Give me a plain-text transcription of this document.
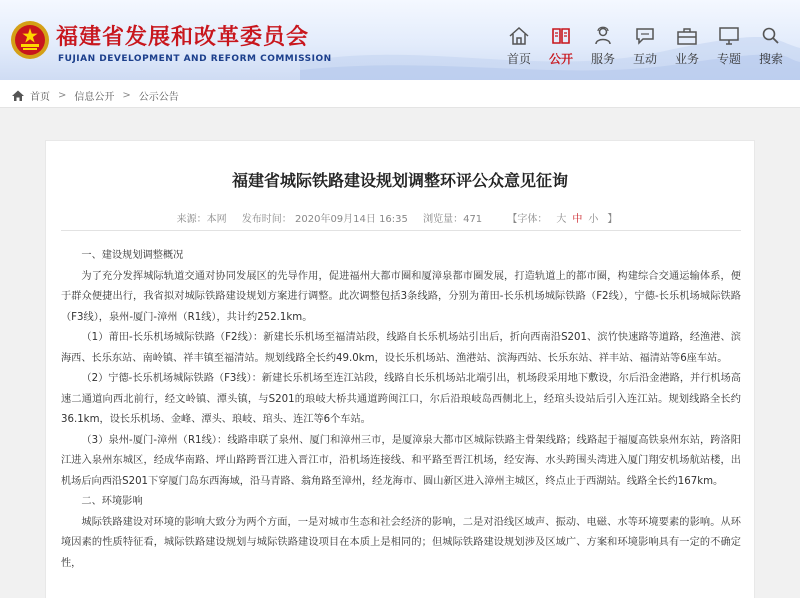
福建省发展和改革委员会
FUJIAN DEVELOPMENT AND REFORM COMMISSION	首页	公开	服务	互动	业务	专题	搜索
首页 > 信息公开 > 公示公告
福建省城际铁路建设规划调整环评公众意见征询
来源：本网 发布时间： 2020年09月14日 16:35 浏览量：471	【字体： 大 中 小 】

一、建设规划调整概况

为了充分发挥城际轨道交通对协同发展区的先导作用，促进福州大都市圈和厦漳泉都市圈发展，打造轨道上的都市圈，构建综合交通运输体系，便于群众便捷出行，我省拟对城际铁路建设规划方案进行调整。此次调整包括3条线路，分别为莆田-长乐机场城际铁路（F2线），宁德-长乐机场城际铁路（F3线），泉州-厦门-漳州（R1线），共计约252.1km。

（1）莆田-长乐机场城际铁路（F2线）：新建长乐机场至福清站段，线路自长乐机场站引出后，折向西南沿S201、滨竹快速路等道路，经渔港、滨海西、长乐东站、南岭镇、祥丰镇至福清站。规划线路全长约49.0km，设长乐机场站、渔港站、滨海西站、长乐东站、祥丰站、福清站等6座车站。

（2）宁德-长乐机场城际铁路（F3线）：新建长乐机场至连江站段，线路自长乐机场站北端引出，机场段采用地下敷设，尔后沿金港路，并行机场高速二通道向西北前行，经文岭镇、潭头镇，与S201的琅岐大桥共通道跨闽江口，尔后沿琅岐岛西侧北上，经琯头设站后引入连江站。规划线路全长约36.1km，设长乐机场、金峰、潭头、琅岐、琯头、连江等6个车站。

（3）泉州-厦门-漳州（R1线）：线路串联了泉州、厦门和漳州三市，是厦漳泉大都市区城际铁路主骨架线路；线路起于福厦高铁泉州东站，跨洛阳江进入泉州东城区，经成华南路、坪山路跨晋江进入晋江市，沿机场连接线、和平路至晋江机场，经安海、水头跨围头湾进入厦门翔安机场航站楼，出机场后向西沿S201下穿厦门岛东西海域，沿马青路、翁角路至漳州，经龙海市、圆山新区进入漳州主城区，终点止于西湖站。线路全长约167km。

二、环境影响

城际铁路建设对环境的影响大致分为两个方面，一是对城市生态和社会经济的影响，二是对沿线区域声、振动、电磁、水等环境要素的影响。从环境因素的性质特征看，城际铁路建设规划与城际铁路建设项目在本质上是相同的；但城际铁路建设规划涉及区域广、方案和环境影响具有一定的不确定性，
